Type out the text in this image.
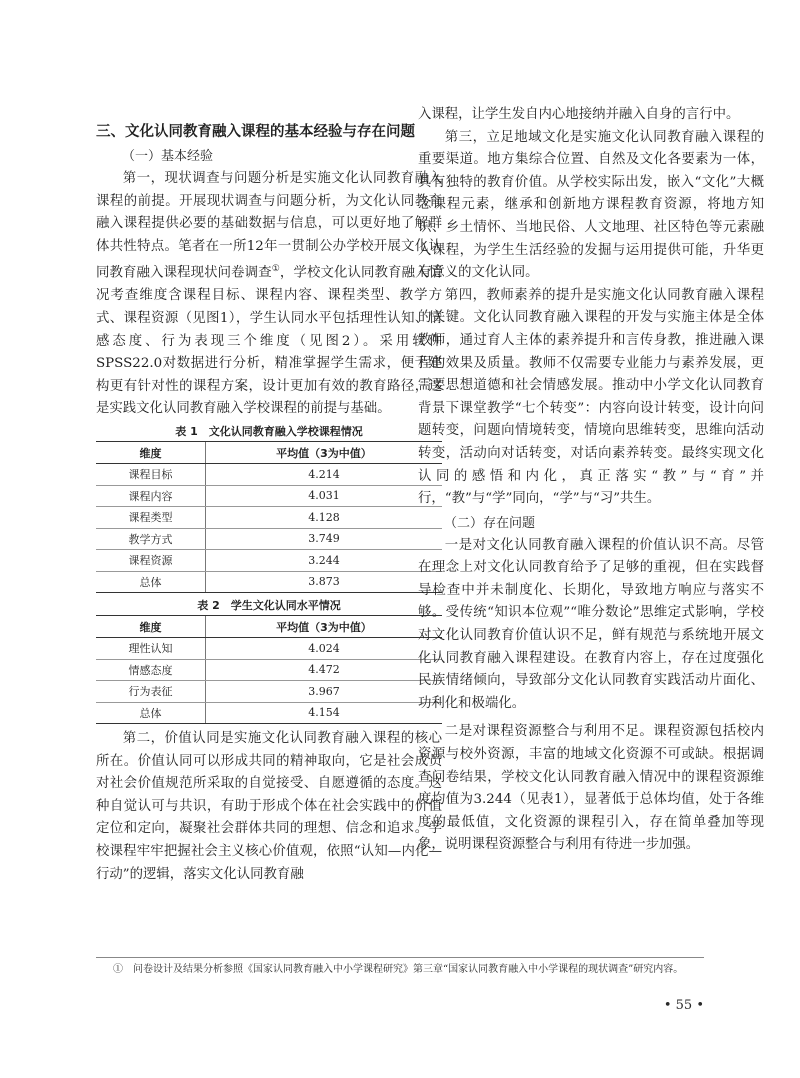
三、文化认同教育融入课程的基本经验与存在问题
（一）基本经验

第一，现状调查与问题分析是实施文化认同教育融入课程的前提。开展现状调查与问题分析，为文化认同教育融入课程提供必要的基础数据与信息，可以更好地了解群体共性特点。笔者在一所12年一贯制公办学校开展文化认同教育融入课程现状问卷调查①，学校文化认同教育融入情况考查维度含课程目标、课程内容、课程类型、教学方式、课程资源（见图1），学生认同水平包括理性认知、情感态度、行为表现三个维度（见图2）。采用软件SPSS22.0对数据进行分析，精准掌握学生需求，便于建构更有针对性的课程方案，设计更加有效的教育路径，这是实践文化认同教育融入学校课程的前提与基础。

表 1　文化认同教育融入学校课程情况
维度	平均值（3为中值）
课程目标	4.214
课程内容	4.031
课程类型	4.128
教学方式	3.749
课程资源	3.244
总体	3.873
表 2　学生文化认同水平情况
维度	平均值（3为中值）
理性认知	4.024
情感态度	4.472
行为表征	3.967
总体	4.154

第二，价值认同是实施文化认同教育融入课程的核心所在。价值认同可以形成共同的精神取向，它是社会成员对社会价值规范所采取的自觉接受、自愿遵循的态度。这种自觉认可与共识，有助于形成个体在社会实践中的价值定位和定向，凝聚社会群体共同的理想、信念和追求。学校课程牢牢把握社会主义核心价值观，依照“认知—内化—行动”的逻辑，落实文化认同教育融

入课程，让学生发自内心地接纳并融入自身的言行中。

第三，立足地域文化是实施文化认同教育融入课程的重要渠道。地方集综合位置、自然及文化各要素为一体，具有独特的教育价值。从学校实际出发，嵌入“文化”大概念课程元素，继承和创新地方课程教育资源，将地方知识、乡土情怀、当地民俗、人文地理、社区特色等元素融入课程，为学生生活经验的发掘与运用提供可能，升华更有意义的文化认同。

第四，教师素养的提升是实施文化认同教育融入课程的关键。文化认同教育融入课程的开发与实施主体是全体教师，通过育人主体的素养提升和言传身教，推进融入课程的效果及质量。教师不仅需要专业能力与素养发展，更需要思想道德和社会情感发展。推动中小学文化认同教育背景下课堂教学“七个转变”：内容向设计转变，设计向问题转变，问题向情境转变，情境向思维转变，思维向活动转变，活动向对话转变，对话向素养转变。最终实现文化认同的感悟和内化，真正落实“教”与“育”并行，“教”与“学”同向，“学”与“习”共生。

（二）存在问题

一是对文化认同教育融入课程的价值认识不高。尽管在理念上对文化认同教育给予了足够的重视，但在实践督导检查中并未制度化、长期化，导致地方响应与落实不够。受传统“知识本位观”“唯分数论”思维定式影响，学校对文化认同教育价值认识不足，鲜有规范与系统地开展文化认同教育融入课程建设。在教育内容上，存在过度强化民族情绪倾向，导致部分文化认同教育实践活动片面化、功利化和极端化。

二是对课程资源整合与利用不足。课程资源包括校内资源与校外资源，丰富的地域文化资源不可或缺。根据调查问卷结果，学校文化认同教育融入情况中的课程资源维度均值为3.244（见表1），显著低于总体均值，处于各维度的最低值，文化资源的课程引入，存在简单叠加等现象，说明课程资源整合与利用有待进一步加强。

①　问卷设计及结果分析参照《国家认同教育融入中小学课程研究》第三章“国家认同教育融入中小学课程的现状调查”研究内容。
• 55 •
